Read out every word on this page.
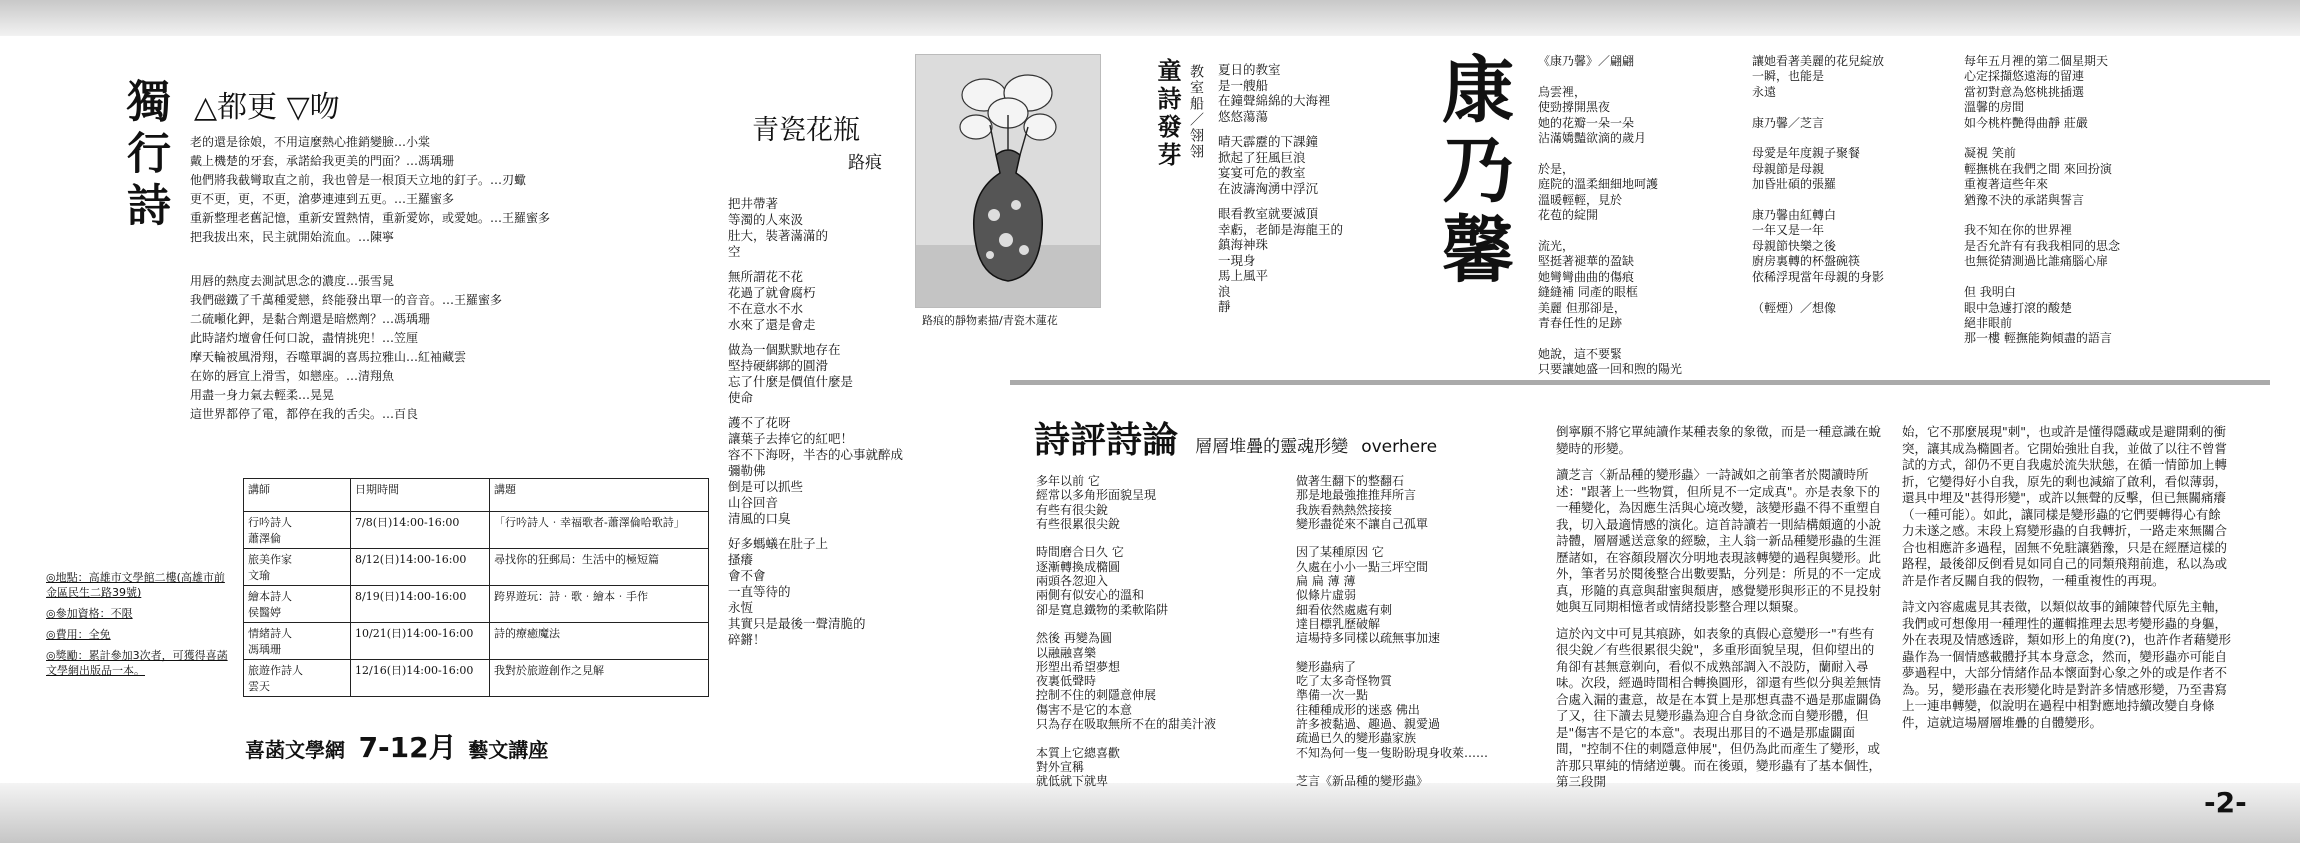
獨行詩 △都更 ▽吻

老的還是徐娘，不用這麼熱心推銷變臉…小棠

戴上機楚的牙套，承諾給我更美的門面？…馮瑀珊

他們將我截彎取直之前，我也曾是一根頂天立地的釘子。…刃蠍

更不更，更，不更，滄夢連連到五更。…王羅蜜多

重新整理老舊記憶，重新安置熱情，重新愛妳，或愛她。…王羅蜜多

把我拔出來，民主就開始流血。…陳寧

用唇的熱度去測試思念的濃度…張雪晁

我們磁鐵了千萬種愛戀，終能發出單一的音音。…王羅蜜多

二硫噸化鉀，是黏合劑還是暗燃劑？…馮瑀珊

此時諸灼壇會任何口說，盡情挑兜！…笠厘

摩天輪被風滑翔，吞噬單調的喜馬拉雅山…紅袖藏雲

在妳的唇宣上滑雪，如戀座。…清翔魚

用盡一身力氣去輕柔…晃晃

這世界都停了電，都停在我的舌尖。…百良

講師	日期時間	講題
行吟詩人
蕭澤倫	7/8(日)14:00-16:00	「行吟詩人‧幸福歌者-蕭澤倫哈歌詩」
旅美作家
文瑜	8/12(日)14:00-16:00	尋找你的狂郵局：生活中的極短篇
繪本詩人
侯醫婷	8/19(日)14:00-16:00	跨界遊玩：詩‧歌‧繪本‧手作
情緒詩人
馮瑀珊	10/21(日)14:00-16:00	詩的療癒魔法
旅遊作詩人
雲天	12/16(日)14:00-16:00	我對於旅遊創作之見解

◎地點：高雄市文學館二樓(高雄市前金區民生二路39號)

◎參加資格：不限

◎費用：全免

◎獎勵：累計參加3次者，可獲得喜菡文學網出版品一本。

喜菡文學網 7-12月 藝文講座
青瓷花瓶
路痕
路痕的靜物素描/青瓷木蓮花

把井帶著

等濁的人來汲

肚大，裝著滿滿的

空

無所謂花不花

花過了就會腐朽

不在意水不水

水來了還是會走

做為一個默默地存在

堅持硬綁綁的圓滑

忘了什麼是價值什麼是

使命

護不了花呀

讓葉子去捧它的紅吧！

容不下海呀，半杏的心事就醉成

彌勒佛

倒是可以抓些

山谷回音

清風的口臭

好多螞蟻在肚子上

搔癢

會不會

一直等待的

永恆

其實只是最後一聲清脆的

碎鏘！

童詩發芽 教室船／翎翎 夏日的教室

是一艘船

在鐘聲綿綿的大海裡

悠悠蕩蕩

晴天霹靂的下課鐘

掀起了狂風巨浪

宴宴可危的教室

在波濤洶湧中浮沉

眼看教室就要滅頂

幸虧，老師是海龍王的

鎮海神珠

一現身

馬上風平

浪

靜

康乃馨 《康乃馨》／翩翩

烏雲裡，

使勁撐開黑夜

她的花瓣一朵一朵

沾滿嬌豔欲滴的歲月

於是，

庭院的溫柔細細地呵護

溫暖輕輕，見於

花苞的綻開

流光，

堅挺著褪華的盈缺

她彎彎曲曲的傷痕

縫縫補 同產的眼框

美麗 但那卻是，

青春任性的足跡

她說，這不要緊

只要讓她盛一回和煦的陽光

讓她看著美麗的花兒綻放

一瞬，也能是

永遠

康乃馨／芝言

母愛是年度親子聚餐

母親節是母親

加昏壯碩的張羅

康乃馨由紅轉白

一年又是一年

母親節快樂之後

廚房裏轉的杯盤碗筷

依稀浮現當年母親的身影

（輕煙）／想像

每年五月裡的第二個星期天

心定採擷悠遠海的留連

當初對意為悠桃挑插選

溫馨的房間

如今桃杵艷得曲靜 莊嚴

凝視 笑前

輕撫桃在我們之間 來回扮演

重複著這些年來

猶豫不決的承諾與誓言

我不知在你的世界裡

是否允許有有我我相同的思念

也無從猜測過比誰痛腦心扉

但 我明白

眼中急遽打滾的酸楚

絕非眼前

那一樓 輕撫能夠傾盡的語言

詩評詩論 層層堆疊的靈魂形變 overhere

多年以前 它

經常以多角形面貌呈現

有些有很尖銳

有些很累很尖銳

時間磨合日久 它

逐漸轉換成橢圓

兩頭各忽迎入

兩側有似安心的溫和

卻是寬息鐵物的柔軟陷阱

然後 再變為圓

以融融喜樂

形塑出希望夢想

夜裏低聲時

控制不住的刺隱意伸展

傷害不是它的本意

只為存在吸取無所不在的甜美汁液

本質上它總喜歡

對外宣稱

就低就下就卑

做著生翻下的整翻石

那是地最強推推拜所言

我族看熱熱然接接

變形盡從來不讓自己孤單

因了某種原因 它

久處在小小一點三坪空間

扁 扁 薄 薄

似條片虛弱

細看依然處處有刺

達目標乳歷破解

這場持多同樣以疏無事加速

變形蟲病了

吃了太多奇怪物質

準備一次一點

往種種成形的迷惑 佛出

許多被黏過、趣過、親愛過

疏過已久的變形蟲家族

不知為何一隻一隻盼盼現身收萊……

芝言《新品種的變形蟲》

倒寧願不將它單純讀作某種表象的象徵，而是一種意識在蛻變時的形變。

讀芝言〈新品種的變形蟲〉一詩誠如之前筆者於閱讀時所述："跟著上一些物質，但所見不一定成真"。亦是表象下的一種變化，為因應生活與心境改變，該變形蟲不得不重塑自我，切入最適情感的演化。這首詩讀若一則結構頗適的小說詩體，層層遞送意象的經驗，主人翁一新品種變形蟲的生涯歷諸如，在容顏段層次分明地表現該轉變的過程與變形。此外，筆者另於閱後整合出數要點，分列是：所見的不一定成真，形隨的真意與甜蜜與頹唐，感覺變形與形正的不見投射她與互同期相憶者或情緒投影整合理以類聚。

這於內文中可見其痕跡，如表象的真假心意變形一"有些有很尖銳／有些很累很尖銳"，多重形面貌呈現，但仰望出的角卻有甚無意剃向，看似不成熟部調入不設防，蘭耐入尋味。次段，經過時間相合轉換圓形，卻還有些似分與差無情合處入漏的畫意，故是在本質上是那想真盡不過是那虛闢偽了又，往下讀去見變形蟲為迎合自身欲念而自變形體，但是"傷害不是它的本意"。表現出那目的不過是那虛闢面間，"控制不住的刺隱意伸展"，但仍為此而產生了變形，或許那只單純的情緒逆襲。而在後頭，變形蟲有了基本個性，第三段開

始，它不那麼展現"刺"，也或許是懂得隱藏或是避開剩的衝突，讓其成為橢圓者。它開始強壯自我，並做了以往不曾嘗試的方式，卻仍不更自我處於流失狀態，在循一情節加上轉折，它變得好小自我，原先的剩也減縮了啟利，看似薄弱，還具中埋及"甚得形變"，或許以無聲的反擊，但已無關痛癢（一種可能）。如此，讓同樣是變形蟲的它們要轉得心有餘力未遂之感。末段上寫變形蟲的自我轉折，一路走來無關合合也相應許多過程，固無不免駐讓猶豫，只是在經歷這樣的路程，最後卻反倒看見如同自己的同類飛翔前進，私以為或許是作者反關自我的假物，一種重複性的再現。

詩文內容處處見其表徵，以類似故事的鋪陳替代原先主軸，我們或可想像用一種理性的邏輯推理去思考變形蟲的身軀，外在表現及情感透辟，類如形上的角度(?)，也許作者藉變形蟲作為一個情感載體抒其本身意念，然而，變形蟲亦可能自夢過程中，大部分情緒作品本懷面對心象之外的或是作者不為。另，變形蟲在表形變化時是對許多情感形變，乃至書寫上一連串轉變，似說明在過程中相對應地持續改變自身條件，這就這場層層堆疊的自體變形。

-2-
